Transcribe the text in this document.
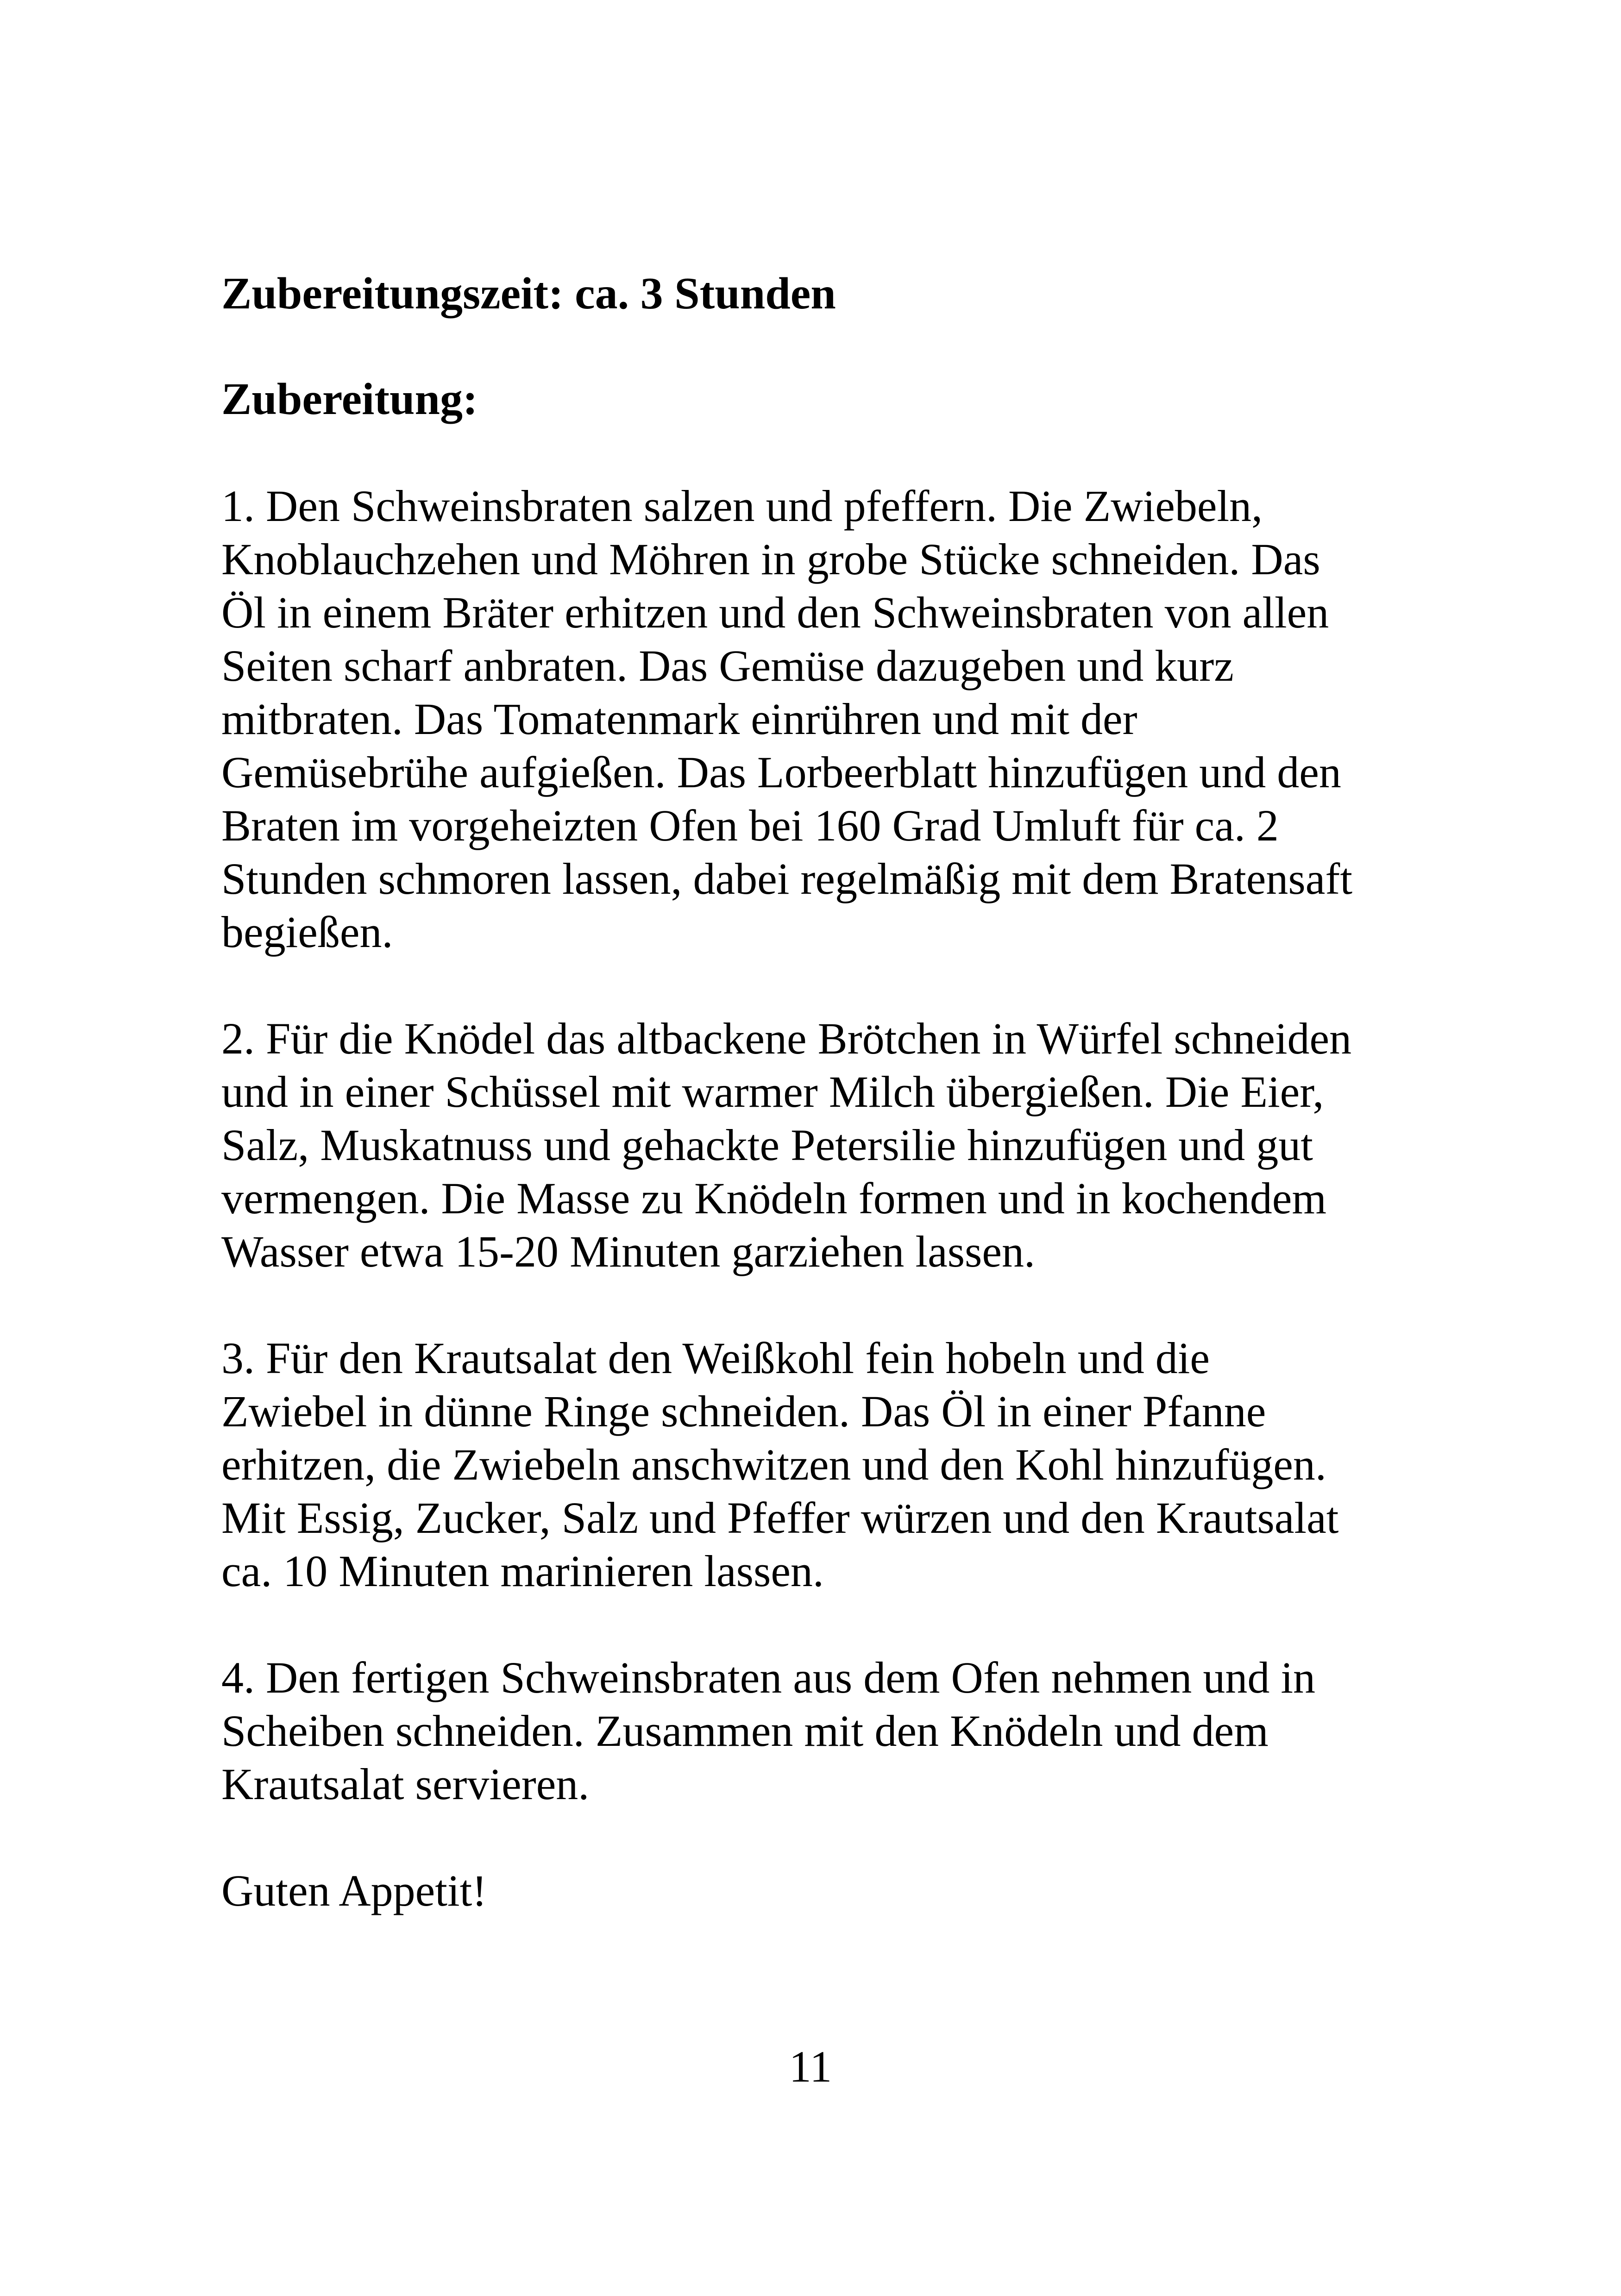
Zubereitungszeit: ca. 3 Stunden

Zubereitung:

1. Den Schweinsbraten salzen und pfeffern. Die Zwiebeln,
Knoblauchzehen und Möhren in grobe Stücke schneiden. Das
Öl in einem Bräter erhitzen und den Schweinsbraten von allen
Seiten scharf anbraten. Das Gemüse dazugeben und kurz
mitbraten. Das Tomatenmark einrühren und mit der
Gemüsebrühe aufgießen. Das Lorbeerblatt hinzufügen und den
Braten im vorgeheizten Ofen bei 160 Grad Umluft für ca. 2
Stunden schmoren lassen, dabei regelmäßig mit dem Bratensaft
begießen.

2. Für die Knödel das altbackene Brötchen in Würfel schneiden
und in einer Schüssel mit warmer Milch übergießen. Die Eier,
Salz, Muskatnuss und gehackte Petersilie hinzufügen und gut
vermengen. Die Masse zu Knödeln formen und in kochendem
Wasser etwa 15-20 Minuten garziehen lassen.

3. Für den Krautsalat den Weißkohl fein hobeln und die
Zwiebel in dünne Ringe schneiden. Das Öl in einer Pfanne
erhitzen, die Zwiebeln anschwitzen und den Kohl hinzufügen.
Mit Essig, Zucker, Salz und Pfeffer würzen und den Krautsalat
ca. 10 Minuten marinieren lassen.

4. Den fertigen Schweinsbraten aus dem Ofen nehmen und in
Scheiben schneiden. Zusammen mit den Knödeln und dem
Krautsalat servieren.

Guten Appetit!

11
